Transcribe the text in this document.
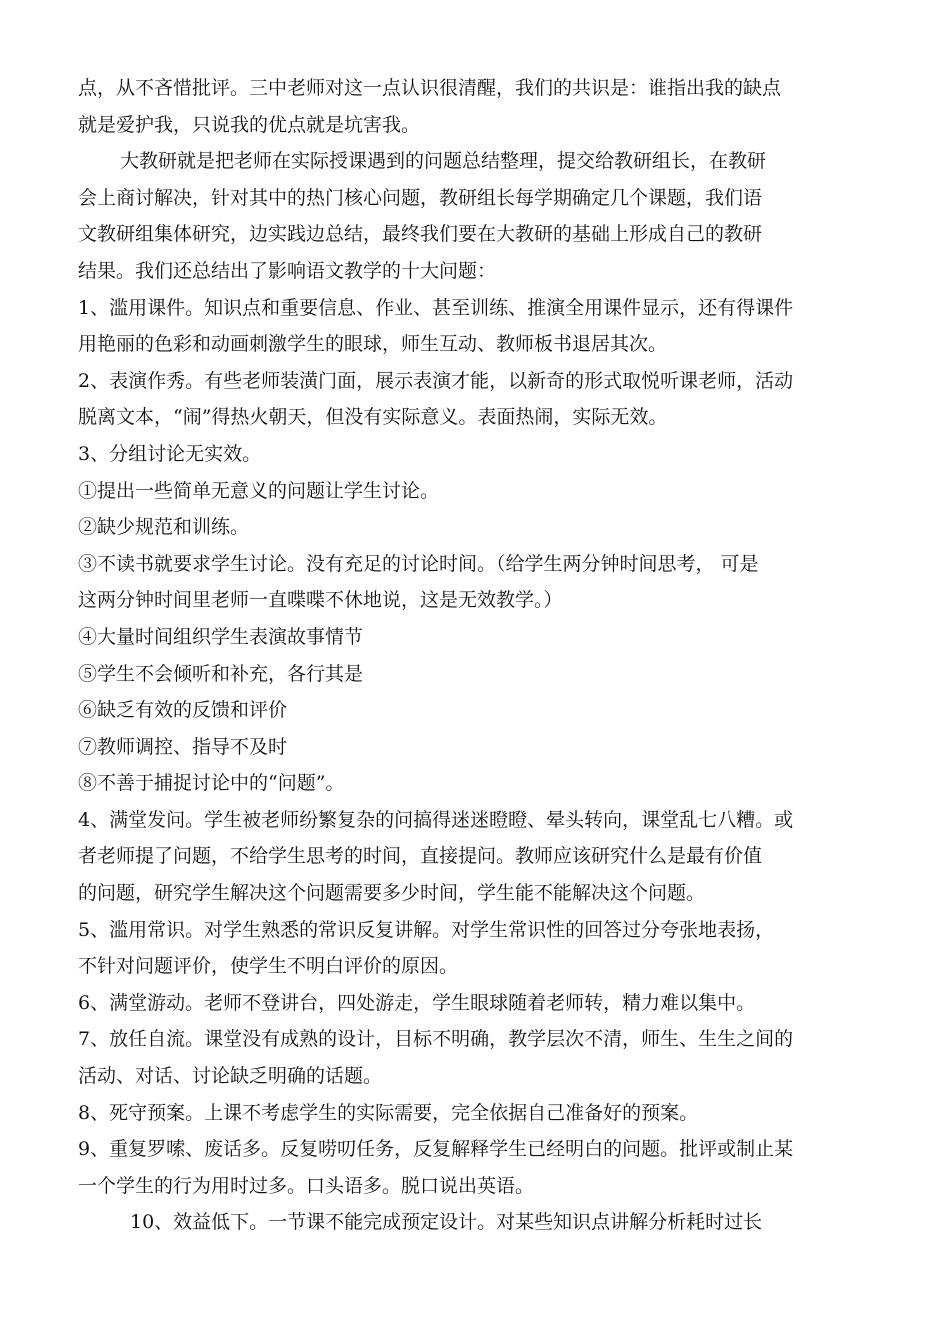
点，从不吝惜批评。三中老师对这一点认识很清醒，我们的共识是：谁指出我的缺点
就是爱护我，只说我的优点就是坑害我。
大教研就是把老师在实际授课遇到的问题总结整理，提交给教研组长，在教研
会上商讨解决，针对其中的热门核心问题，教研组长每学期确定几个课题，我们语
文教研组集体研究，边实践边总结，最终我们要在大教研的基础上形成自己的教研
结果。我们还总结出了影响语文教学的十大问题：
1、滥用课件。知识点和重要信息、作业、甚至训练、推演全用课件显示，还有得课件
用艳丽的色彩和动画刺激学生的眼球，师生互动、教师板书退居其次。
2、表演作秀。有些老师装潢门面，展示表演才能，以新奇的形式取悦听课老师，活动
脱离文本，“闹”得热火朝天，但没有实际意义。表面热闹，实际无效。
3、分组讨论无实效。
①提出一些简单无意义的问题让学生讨论。
②缺少规范和训练。
③不读书就要求学生讨论。没有充足的讨论时间。（给学生两分钟时间思考， 可是
这两分钟时间里老师一直喋喋不休地说，这是无效教学。）
④大量时间组织学生表演故事情节
⑤学生不会倾听和补充，各行其是
⑥缺乏有效的反馈和评价
⑦教师调控、指导不及时
⑧不善于捕捉讨论中的“问题”。
4、满堂发问。学生被老师纷繁复杂的问搞得迷迷瞪瞪、晕头转向，课堂乱七八糟。或
者老师提了问题，不给学生思考的时间，直接提问。教师应该研究什么是最有价值
的问题，研究学生解决这个问题需要多少时间，学生能不能解决这个问题。
5、滥用常识。对学生熟悉的常识反复讲解。对学生常识性的回答过分夸张地表扬，
不针对问题评价，使学生不明白评价的原因。
6、满堂游动。老师不登讲台，四处游走，学生眼球随着老师转，精力难以集中。
7、放任自流。课堂没有成熟的设计，目标不明确，教学层次不清，师生、生生之间的
活动、对话、讨论缺乏明确的话题。
8、死守预案。上课不考虑学生的实际需要，完全依据自己准备好的预案。
9、重复罗嗦、废话多。反复唠叨任务，反复解释学生已经明白的问题。批评或制止某
一个学生的行为用时过多。口头语多。脱口说出英语。
10、效益低下。一节课不能完成预定设计。对某些知识点讲解分析耗时过长
